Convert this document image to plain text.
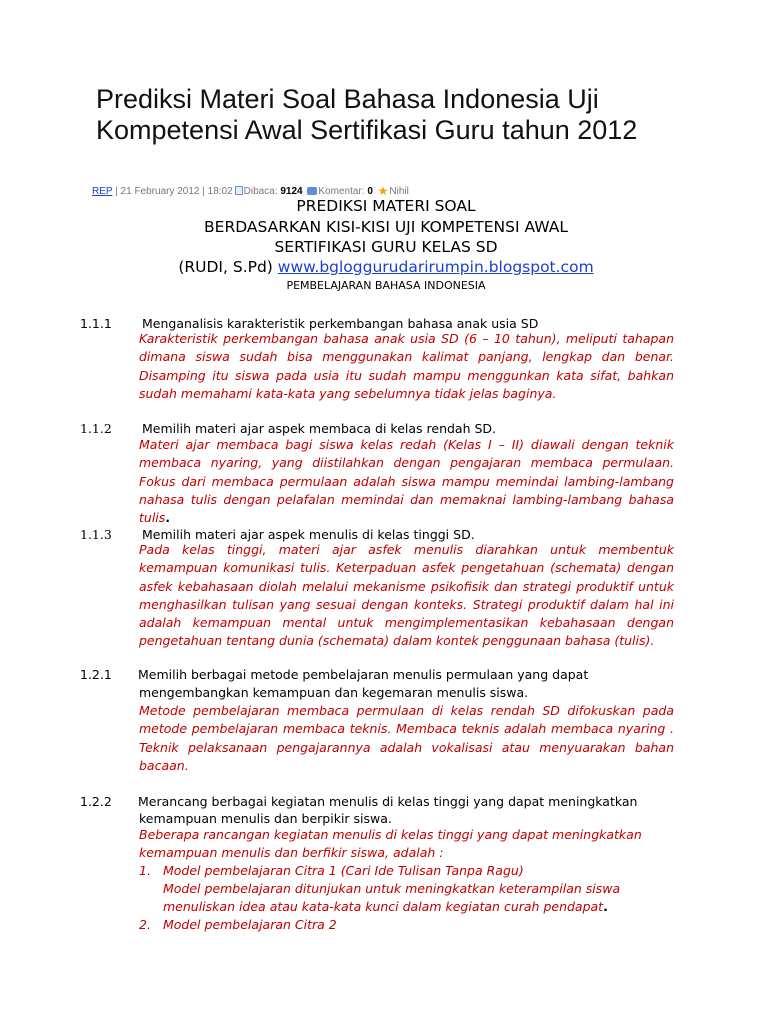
Prediksi Materi Soal Bahasa Indonesia Uji Kompetensi Awal Sertifikasi Guru tahun 2012
REP | 21 February 2012 | 18:02 Dibaca: 9124 Komentar: 0 ★Nihil
PREDIKSI MATERI SOAL
BERDASARKAN KISI-KISI UJI KOMPETENSI AWAL
SERTIFIKASI GURU KELAS SD
(RUDI, S.Pd) www.bgloggurudarirumpin.blogspot.com
PEMBELAJARAN BAHASA INDONESIA
1.1.1 Menganalisis karakteristik perkembangan bahasa anak usia SD
Karakteristik perkembangan bahasa anak usia SD (6 – 10 tahun), meliputi tahapan dimana siswa sudah bisa menggunakan kalimat panjang, lengkap dan benar. Disamping itu siswa pada usia itu sudah mampu menggunkan kata sifat, bahkan sudah memahami kata-kata yang sebelumnya tidak jelas baginya.
1.1.2 Memilih materi ajar aspek membaca di kelas rendah SD.
Materi ajar membaca bagi siswa kelas redah (Kelas I – II) diawali dengan teknik membaca nyaring, yang diistilahkan dengan pengajaran membaca permulaan. Fokus dari membaca permulaan adalah siswa mampu memindai lambing-lambang nahasa tulis dengan pelafalan memindai dan memaknai lambing-lambang bahasa tulis.
1.1.3 Memilih materi ajar aspek menulis di kelas tinggi SD.
Pada kelas tinggi, materi ajar asfek menulis diarahkan untuk membentuk kemampuan komunikasi tulis. Keterpaduan asfek pengetahuan (schemata) dengan asfek kebahasaan diolah melalui mekanisme psikofisik dan strategi produktif untuk menghasilkan tulisan yang sesuai dengan konteks. Strategi produktif dalam hal ini adalah kemampuan mental untuk mengimplementasikan kebahasaan dengan pengetahuan tentang dunia (schemata) dalam kontek penggunaan bahasa (tulis).
1.2.1 Memilih berbagai metode pembelajaran menulis permulaan yang dapat
mengembangkan kemampuan dan kegemaran menulis siswa.
Metode pembelajaran membaca permulaan di kelas rendah SD difokuskan pada metode pembelajaran membaca teknis. Membaca teknis adalah membaca nyaring . Teknik pelaksanaan pengajarannya adalah vokalisasi atau menyuarakan bahan bacaan.
1.2.2 Merancang berbagai kegiatan menulis di kelas tinggi yang dapat meningkatkan
kemampuan menulis dan berpikir siswa.
Beberapa rancangan kegiatan menulis di kelas tinggi yang dapat meningkatkan kemampuan menulis dan berfikir siswa, adalah :
1. Model pembelajaran Citra 1 (Cari Ide Tulisan Tanpa Ragu)
Model pembelajaran ditunjukan untuk meningkatkan keterampilan siswa
menuliskan idea atau kata-kata kunci dalam kegiatan curah pendapat.
2. Model pembelajaran Citra 2
